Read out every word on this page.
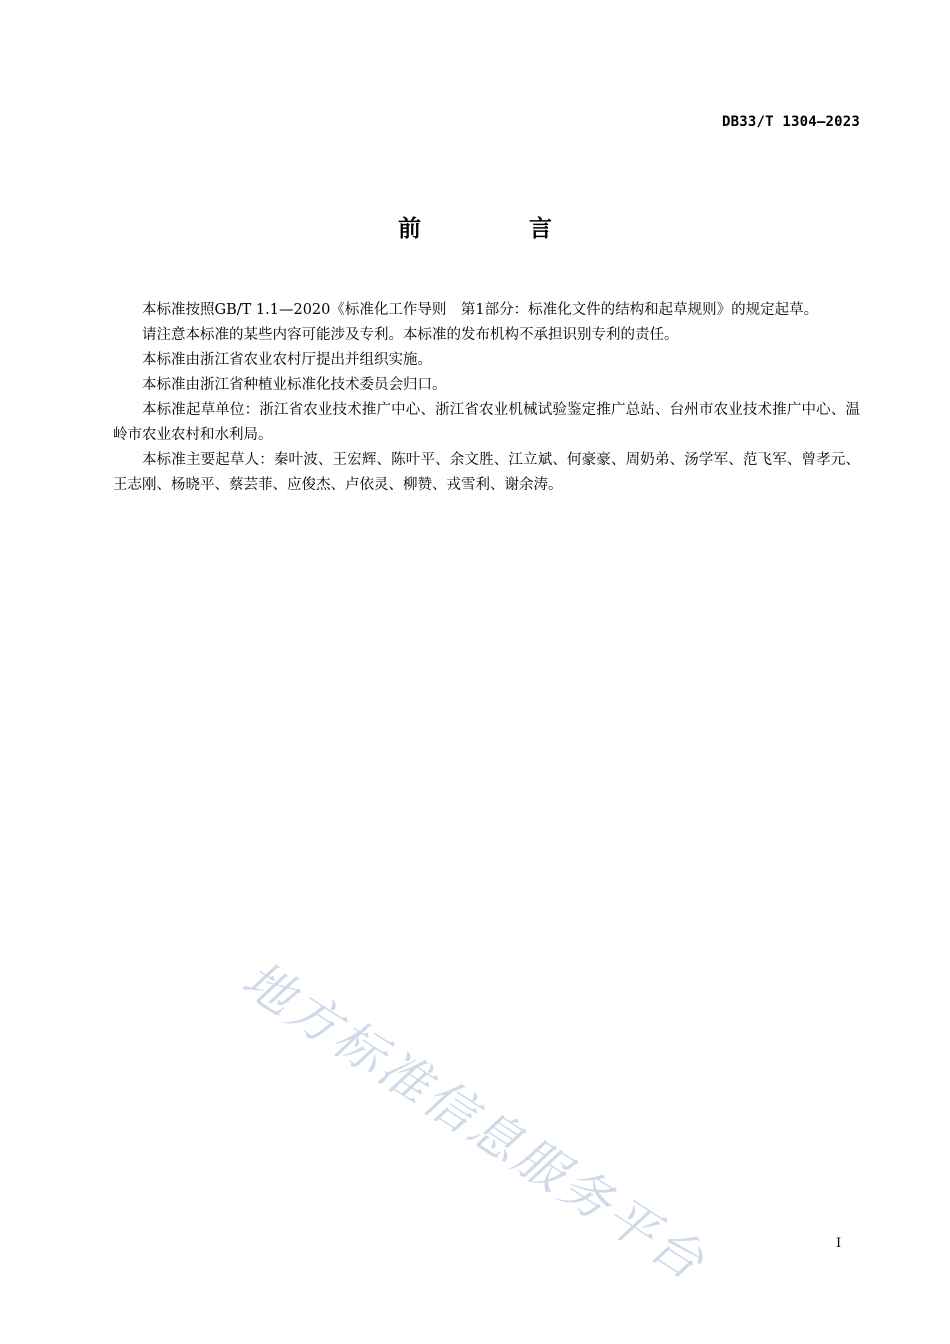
DB33/T 1304—2023
前 言

本标准按照GB/T 1.1—2020《标准化工作导则　第1部分：标准化文件的结构和起草规则》的规定起草。

请注意本标准的某些内容可能涉及专利。本标准的发布机构不承担识别专利的责任。

本标准由浙江省农业农村厅提出并组织实施。

本标准由浙江省种植业标准化技术委员会归口。

本标准起草单位：浙江省农业技术推广中心、浙江省农业机械试验鉴定推广总站、台州市农业技术推广中心、温岭市农业农村和水利局。

本标准主要起草人：秦叶波、王宏辉、陈叶平、余文胜、江立斌、何豪豪、周奶弟、汤学军、范飞军、曾孝元、王志刚、杨晓平、蔡芸菲、应俊杰、卢依灵、柳赞、戎雪利、谢余涛。

地方标准信息服务平台	I
